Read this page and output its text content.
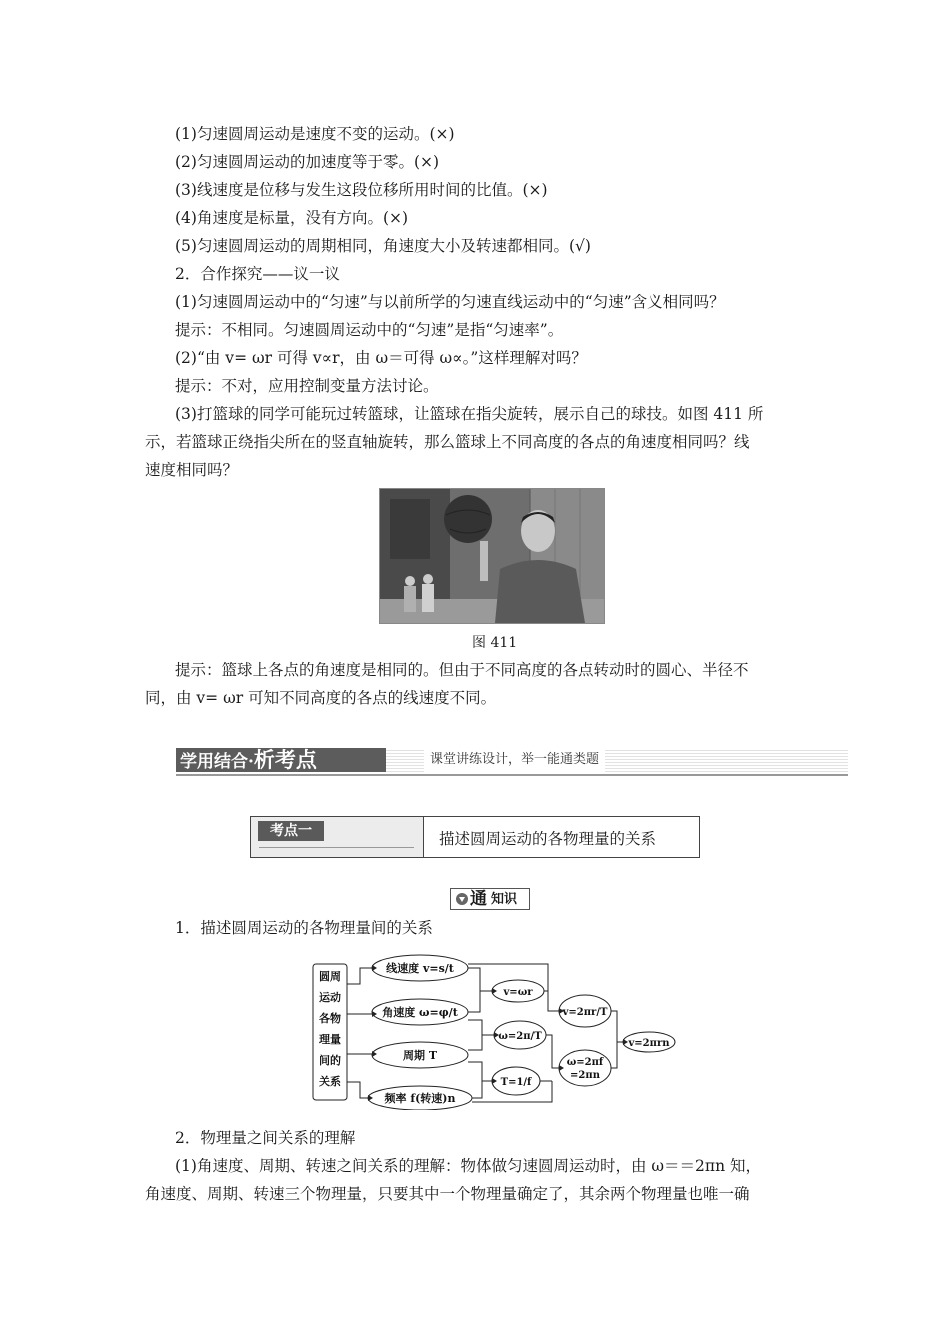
(1)匀速圆周运动是速度不变的运动。(×)
(2)匀速圆周运动的加速度等于零。(×)
(3)线速度是位移与发生这段位移所用时间的比值。(×)
(4)角速度是标量，没有方向。(×)
(5)匀速圆周运动的周期相同，角速度大小及转速都相同。(√)
2．合作探究——议一议
(1)匀速圆周运动中的“匀速”与以前所学的匀速直线运动中的“匀速”含义相同吗？
提示：不相同。匀速圆周运动中的“匀速”是指“匀速率”。
(2)“由 v= ωr 可得 v∝r，由 ω＝可得 ω∝。”这样理解对吗？
提示：不对，应用控制变量方法讨论。
(3)打篮球的同学可能玩过转篮球，让篮球在指尖旋转，展示自己的球技。如图 411 所
示，若篮球正绕指尖所在的竖直轴旋转，那么篮球上不同高度的各点的角速度相同吗？线
速度相同吗？
图 411
提示：篮球上各点的角速度是相同的。但由于不同高度的各点转动时的圆心、半径不
同，由 v= ωr 可知不同高度的各点的线速度不同。
学用结合·析考点	课堂讲练设计，举一能通类题
考点一	描述圆周运动的各物理量的关系
通 知识
1．描述圆周运动的各物理量间的关系
圆周
运动
各物
理量
间的
关系
线速度 v=s/t
角速度 ω=φ/t
周期 T
频率 f(转速)n
v=ωr
ω=2π/T
T=1/f
v=2πr/T
ω=2πf
=2πn
v=2πrn
2．物理量之间关系的理解
(1)角速度、周期、转速之间关系的理解：物体做匀速圆周运动时，由 ω＝＝2πn 知，
角速度、周期、转速三个物理量，只要其中一个物理量确定了，其余两个物理量也唯一确
